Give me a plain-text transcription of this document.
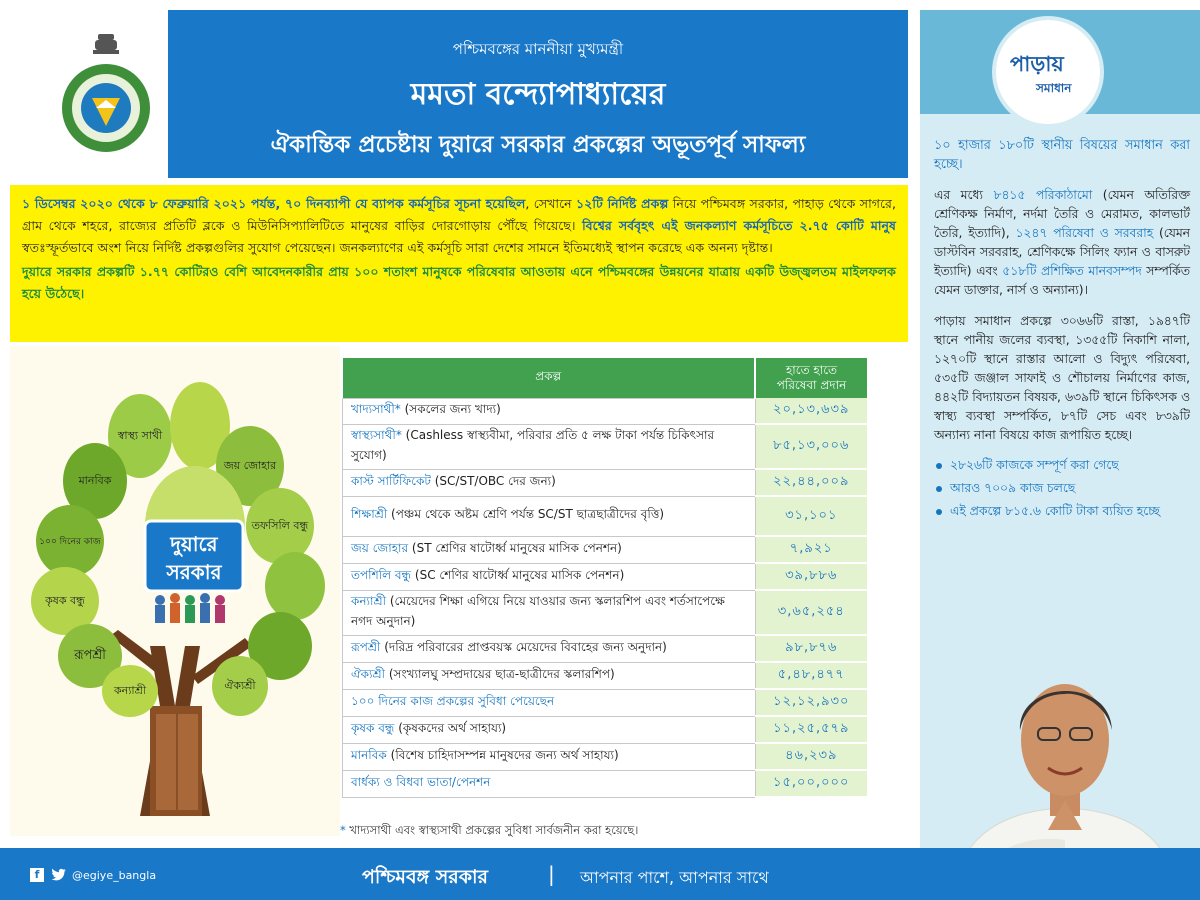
পশ্চিমবঙ্গের মাননীয়া মুখ্যমন্ত্রী
মমতা বন্দ্যোপাধ্যায়ের
ঐকান্তিক প্রচেষ্টায় দুয়ারে সরকার প্রকল্পের অভূতপূর্ব সাফল্য

১ ডিসেম্বর ২০২০ থেকে ৮ ফেব্রুয়ারি ২০২১ পর্যন্ত, ৭০ দিনব্যাপী যে ব্যাপক কর্মসূচির সূচনা হয়েছিল, সেখানে ১২টি নির্দিষ্ট প্রকল্প নিয়ে পশ্চিমবঙ্গ সরকার, পাহাড় থেকে সাগরে, গ্রাম থেকে শহরে, রাজ্যের প্রতিটি ব্লকে ও মিউনিসিপ্যালিটিতে মানুষের বাড়ির দোরগোড়ায় পৌঁছে গিয়েছে। বিশ্বের সর্ববৃহৎ এই জনকল্যাণ কর্মসূচিতে ২.৭৫ কোটি মানুষ স্বতঃস্ফূর্তভাবে অংশ নিয়ে নির্দিষ্ট প্রকল্পগুলির সুযোগ পেয়েছেন। জনকল্যাণের এই কর্মসূচি সারা দেশের সামনে ইতিমধ্যেই স্থাপন করেছে এক অনন্য দৃষ্টান্ত।

দুয়ারে সরকার প্রকল্পটি ১.৭৭ কোটিরও বেশি আবেদনকারীর প্রায় ১০০ শতাংশ মানুষকে পরিষেবার আওতায় এনে পশ্চিমবঙ্গের উন্নয়নের যাত্রায় একটি উজ্জ্বলতম মাইলফলক হয়ে উঠেছে।

দুয়ারে
সরকার
স্বাস্থ্য সাথী
মানবিক
১০০ দিনের কাজ
কৃষক বন্ধু
রূপশ্রী
কন্যাশ্রী
জয় জোহার
তফসিলি বন্ধু
ঐক্যশ্রী
প্রকল্প	হাতে হাতে
পরিষেবা প্রদান
খাদ্যসাথী* (সকলের জন্য খাদ্য)	২০,১৩,৬৩৯
স্বাস্থ্যসাথী* (Cashless স্বাস্থ্যবীমা, পরিবার প্রতি ৫ লক্ষ টাকা পর্যন্ত চিকিৎসার সুযোগ)	৮৫,১৩,০০৬
কাস্ট সার্টিফিকেট (SC/ST/OBC দের জন্য)	২২,৪৪,০০৯
শিক্ষাশ্রী (পঞ্চম থেকে অষ্টম শ্রেণি পর্যন্ত SC/ST ছাত্রছাত্রীদের বৃত্তি)	৩১,১০১
জয় জোহার (ST শ্রেণির ষাটোর্ধ্ব মানুষের মাসিক পেনশন)	৭,৯২১
তপশিলি বন্ধু (SC শেণির ষাটোর্ধ্ব মানুষের মাসিক পেনশন)	৩৯,৮৮৬
কন্যাশ্রী (মেয়েদের শিক্ষা এগিয়ে নিয়ে যাওয়ার জন্য স্কলারশিপ এবং শর্তসাপেক্ষে নগদ অনুদান)	৩,৬৫,২৫৪
রূপশ্রী (দরিদ্র পরিবারের প্রাপ্তবয়স্ক মেয়েদের বিবাহের জন্য অনুদান)	৯৮,৮৭৬
ঐক্যশ্রী (সংখ্যালঘু সম্প্রদায়ের ছাত্র-ছাত্রীদের স্কলারশিপ)	৫,৪৮,৪৭৭
১০০ দিনের কাজ প্রকল্পের সুবিধা পেয়েছেন	১২,১২,৯৩০
কৃষক বন্ধু (কৃষকদের অর্থ সাহায্য)	১১,২৫,৫৭৯
মানবিক (বিশেষ চাহিদাসম্পন্ন মানুষদের জন্য অর্থ সাহায্য)	৪৬,২৩৯
বার্ধক্য ও বিধবা ভাতা/পেনশন	১৫,০০,০০০
* খাদ্যসাথী এবং স্বাস্থ্যসাথী প্রকল্পের সুবিধা সার্বজনীন করা হয়েছে।
পাড়ায়
সমাধান

১০ হাজার ১৮০টি স্থানীয় বিষয়ের সমাধান করা হচ্ছে।

এর মধ্যে ৮৪১৫ পরিকাঠামো (যেমন অতিরিক্ত শ্রেণিকক্ষ নির্মাণ, নর্দমা তৈরি ও মেরামত, কালভার্ট তৈরি, ইত্যাদি), ১২৪৭ পরিষেবা ও সরবরাহ (যেমন ডাস্টবিন সরবরাহ, শ্রেণিকক্ষে সিলিং ফ্যান ও বাসরুট ইত্যাদি) এবং ৫১৮টি প্রশিক্ষিত মানবসম্পদ সম্পর্কিত যেমন ডাক্তার, নার্স ও অন্যান্য)।

পাড়ায় সমাধান প্রকল্পে ৩০৬৬টি রাস্তা, ১৯৪৭টি স্থানে পানীয় জলের ব্যবস্থা, ১৩৫৫টি নিকাশি নালা, ১২৭০টি স্থানে রাস্তার আলো ও বিদ্যুৎ পরিষেবা, ৫৩৫টি জঞ্জাল সাফাই ও শৌচালয় নির্মাণের কাজ, ৪৪২টি বিদ্যায়তন বিষয়ক, ৬৩৯টি স্থানে চিকিৎসক ও স্বাস্থ্য ব্যবস্থা সম্পর্কিত, ৮৭টি সেচ এবং ৮৩৯টি অন্যান্য নানা বিষয়ে কাজ রূপায়িত হচ্ছে।

২৮২৬টি কাজকে সম্পূর্ণ করা গেছে
আরও ৭০০৯ কাজ চলছে
এই প্রকল্পে ৮১৫.৬ কোটি টাকা ব্যয়িত হচ্ছে
f	@egiye_bangla	পশ্চিমবঙ্গ সরকার	| আপনার পাশে, আপনার সাথে
